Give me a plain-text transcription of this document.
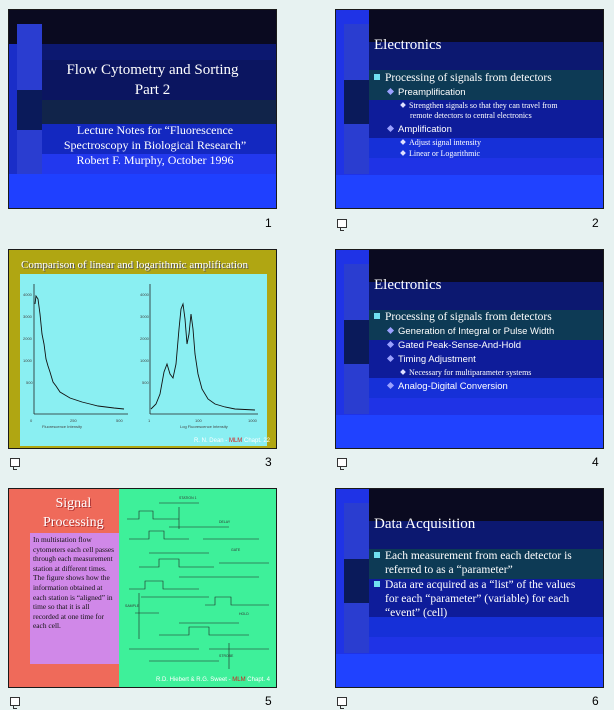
Flow Cytometry and Sorting
Part 2
Lecture Notes for “Fluorescence
Spectroscopy in Biological Research”
Robert F. Murphy, October 1996
1
Electronics
Processing of signals from detectors
Preamplification
Strengthen signals so that they can travel from
remote detectors to central electronics
Amplification
Adjust signal intensity
Linear or Logarithmic
2
Comparison of linear and logarithmic amplification
4000
3000
2000
1000
500
0	250	500
Fluorescence Intensity
4000
3000
2000
1000
500
1	100	1000
Log Fluorescence Intensity
R. N. Dean - MLM Chapt. 22
3
Electronics
Processing of signals from detectors
Generation of Integral or Pulse Width
Gated Peak-Sense-And-Hold
Timing Adjustment
Necessary for multiparameter systems
Analog-Digital Conversion
4
Signal
Processing
In multistation flow cytometers each cell passes through each measurement station at different times. The figure shows how the information obtained at each station is “aligned” in time so that it is all recorded at one time for each cell.
STATION 1
DELAY
GATE
SAMPLE
HOLD
STROBE
R.D. Hiebert & R.G. Sweet - MLM Chapt. 4
5
Data Acquisition
Each measurement from each detector is
referred to as a “parameter”
Data are acquired as a “list” of the values
for each “parameter” (variable) for each
“event” (cell)
6
